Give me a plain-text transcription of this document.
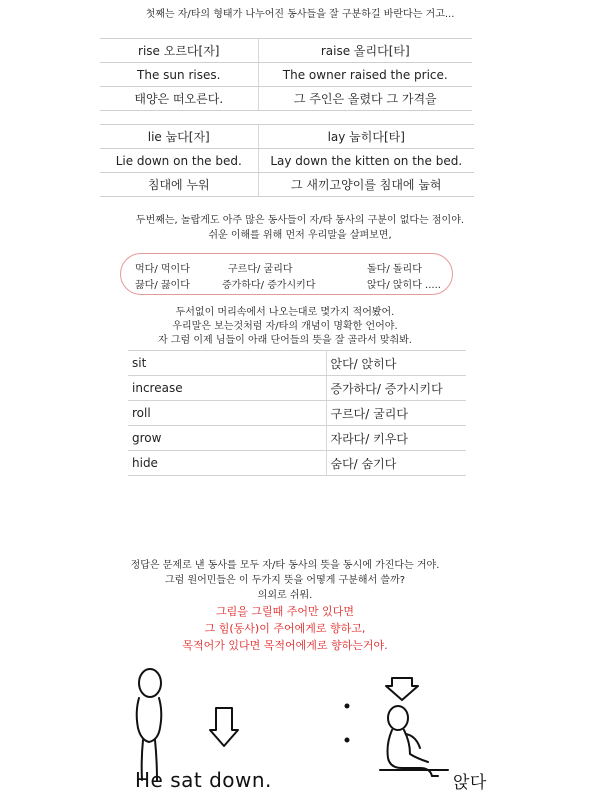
첫째는 자/타의 형태가 나누어진 동사들을 잘 구분하길 바란다는 거고...
rise 오르다[자]	raise 올리다[타]
The sun rises.	The owner raised the price.
태양은 떠오른다.	그 주인은 올렸다 그 가격을
lie 눕다[자]	lay 눕히다[타]
Lie down on the bed.	Lay down the kitten on the bed.
침대에 누워	그 새끼고양이를 침대에 눕혀
두번째는, 놀랍게도 아주 많은 동사들이 자/타 동사의 구분이 없다는 점이야.
쉬운 이해를 위해 먼저 우리말을 살펴보면,
먹다/ 먹이다	구르다/ 굴리다	돌다/ 돌리다
끓다/ 끓이다	증가하다/ 증가시키다	앉다/ 앉히다 .....
두서없이 머리속에서 나오는대로 몇가지 적어봤어.
우리말은 보는것처럼 자/타의 개념이 명확한 언어야.
자 그럼 이제 님들이 아래 단어들의 뜻을 잘 골라서 맞춰봐.
sit	앉다/ 앉히다
increase	증가하다/ 증가시키다
roll	구르다/ 굴리다
grow	자라다/ 키우다
hide	숨다/ 숨기다
정답은 문제로 낸 동사를 모두 자/타 동사의 뜻을 동시에 가진다는 거야.
그럼 원어민들은 이 두가지 뜻을 어떻게 구분해서 쓸까?
의외로 쉬워.
그림을 그릴때 주어만 있다면
그 힘(동사)이 주어에게로 향하고,
목적어가 있다면 목적어에게로 향하는거야.
He sat down.	앉다
